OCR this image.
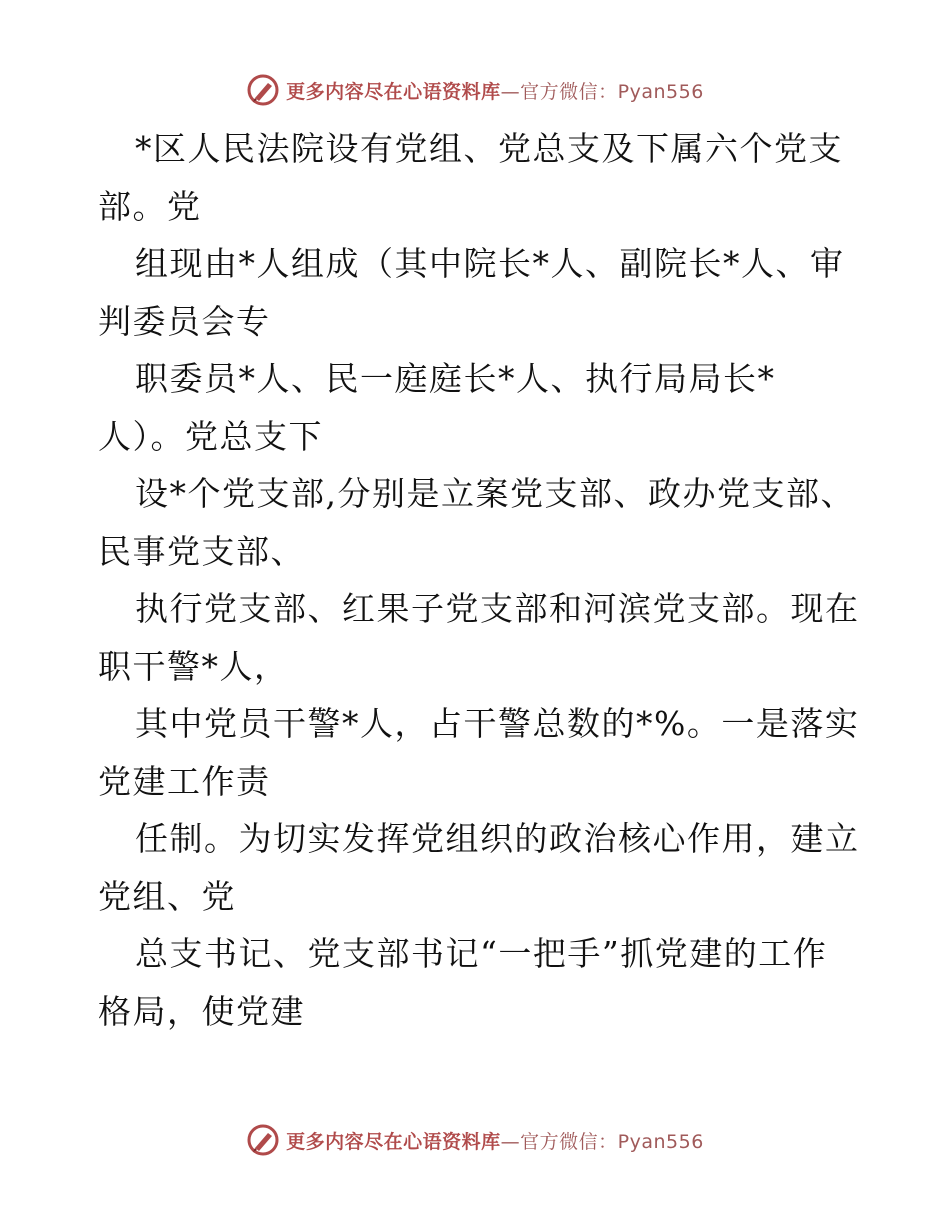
更多内容尽在心语资料库—官方微信：Pyan556
*区人民法院设有党组、党总支及下属六个党支
部。党
组现由*人组成（其中院长*人、副院长*人、审
判委员会专
职委员*人、民一庭庭长*人、执行局局长*
人）。党总支下
设*个党支部,分别是立案党支部、政办党支部、
民事党支部、
执行党支部、红果子党支部和河滨党支部。现在
职干警*人，
其中党员干警*人，占干警总数的*%。一是落实
党建工作责
任制。为切实发挥党组织的政治核心作用，建立
党组、党
总支书记、党支部书记“一把手”抓党建的工作
格局，使党建
更多内容尽在心语资料库—官方微信：Pyan556
